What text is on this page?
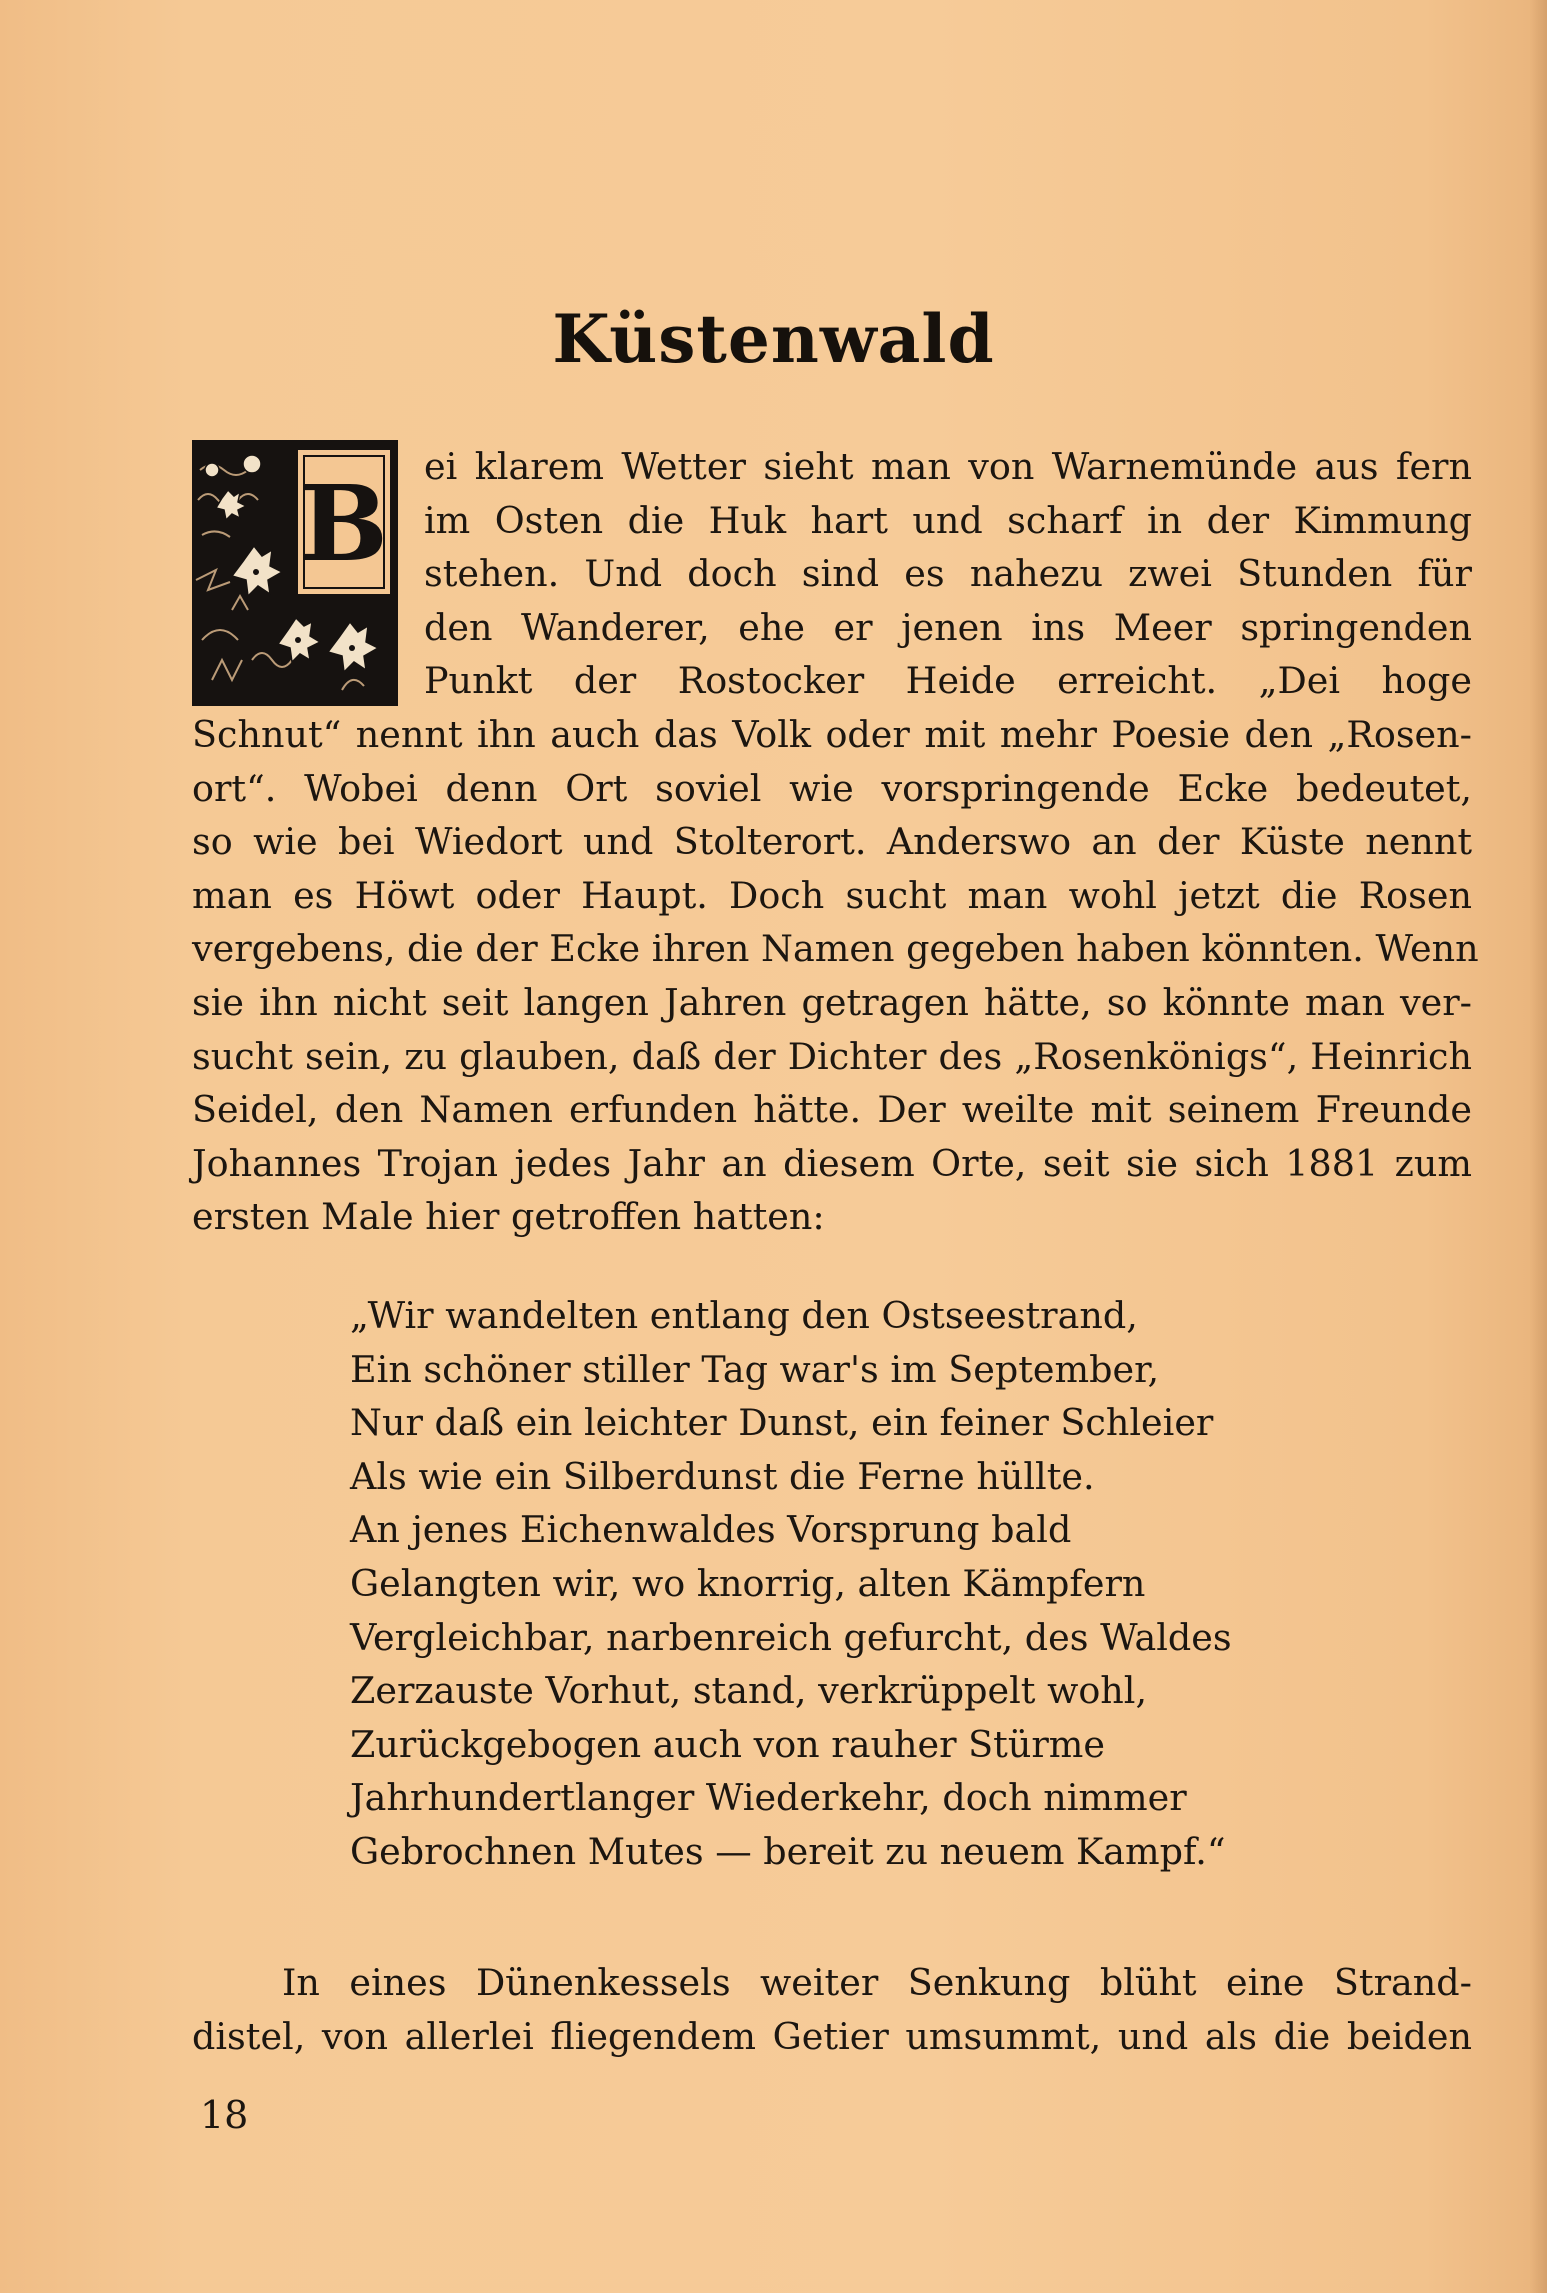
Küstenwald
B ei klarem Wetter sieht man von Warnemünde aus fern
im Osten die Huk hart und scharf in der Kimmung
stehen. Und doch sind es nahezu zwei Stunden für
den Wanderer, ehe er jenen ins Meer springenden
Punkt der Rostocker Heide erreicht. „Dei hoge
Schnut“ nennt ihn auch das Volk oder mit mehr Poesie den „Rosen-
ort“. Wobei denn Ort soviel wie vorspringende Ecke bedeutet,
so wie bei Wiedort und Stolterort. Anderswo an der Küste nennt
man es Höwt oder Haupt. Doch sucht man wohl jetzt die Rosen
vergebens, die der Ecke ihren Namen gegeben haben könnten. Wenn
sie ihn nicht seit langen Jahren getragen hätte, so könnte man ver-
sucht sein, zu glauben, daß der Dichter des „Rosenkönigs“, Heinrich
Seidel, den Namen erfunden hätte. Der weilte mit seinem Freunde
Johannes Trojan jedes Jahr an diesem Orte, seit sie sich 1881 zum
ersten Male hier getroffen hatten:
„Wir wandelten entlang den Ostseestrand,
Ein schöner stiller Tag war's im September,
Nur daß ein leichter Dunst, ein feiner Schleier
Als wie ein Silberdunst die Ferne hüllte.
An jenes Eichenwaldes Vorsprung bald
Gelangten wir, wo knorrig, alten Kämpfern
Vergleichbar, narbenreich gefurcht, des Waldes
Zerzauste Vorhut, stand, verkrüppelt wohl,
Zurückgebogen auch von rauher Stürme
Jahrhundertlanger Wiederkehr, doch nimmer
Gebrochnen Mutes — bereit zu neuem Kampf.“
In eines Dünenkessels weiter Senkung blüht eine Strand-
distel, von allerlei fliegendem Getier umsummt, und als die beiden
18
